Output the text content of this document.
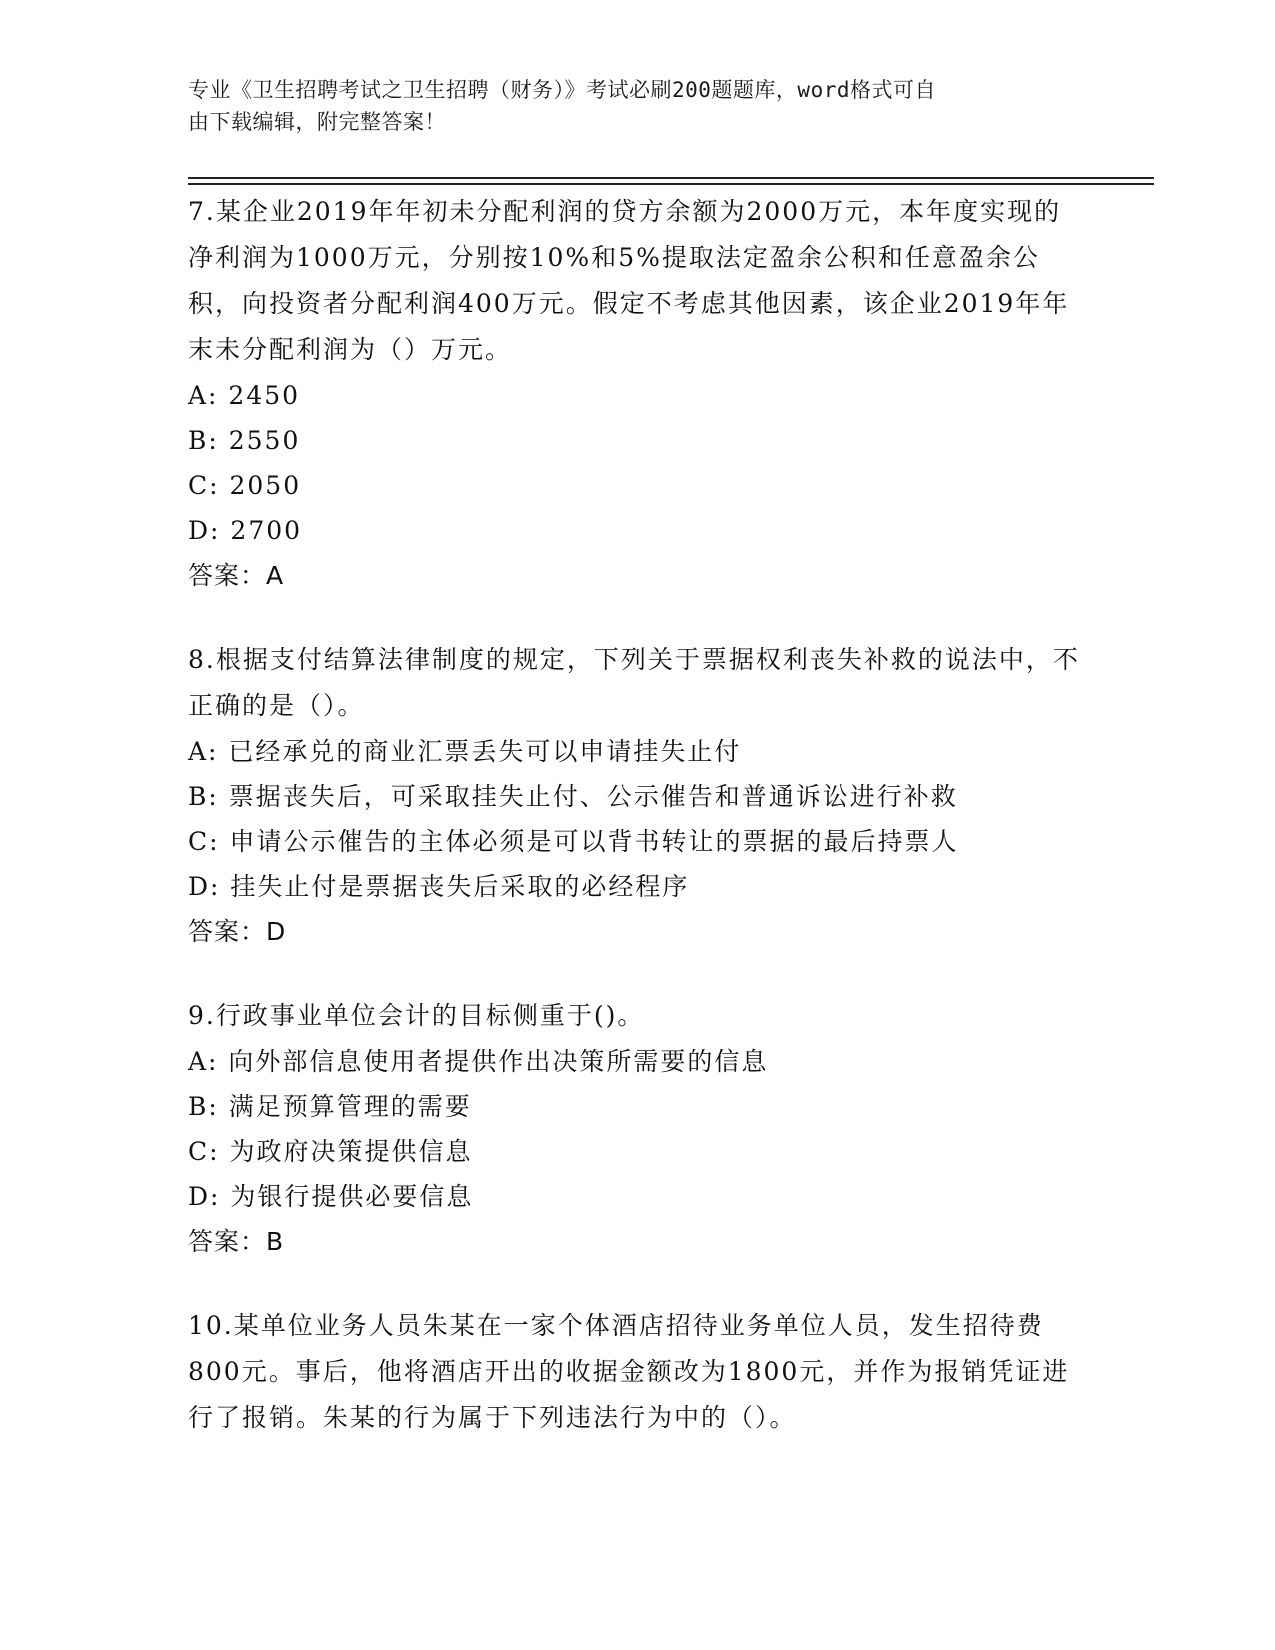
专业《卫生招聘考试之卫生招聘（财务）》考试必刷200题题库，word格式可自
由下载编辑，附完整答案！

7.某企业2019年年初未分配利润的贷方余额为2000万元，本年度实现的净利润为1000万元，分别按10%和5%提取法定盈余公积和任意盈余公积，向投资者分配利润400万元。假定不考虑其他因素，该企业2019年年末未分配利润为（）万元。

A: 2450

B: 2550

C: 2050

D: 2700

答案：A

8.根据支付结算法律制度的规定，下列关于票据权利丧失补救的说法中，不正确的是（）。

A: 已经承兑的商业汇票丢失可以申请挂失止付

B: 票据丧失后，可采取挂失止付、公示催告和普通诉讼进行补救

C: 申请公示催告的主体必须是可以背书转让的票据的最后持票人

D: 挂失止付是票据丧失后采取的必经程序

答案：D

9.行政事业单位会计的目标侧重于()。

A: 向外部信息使用者提供作出决策所需要的信息

B: 满足预算管理的需要

C: 为政府决策提供信息

D: 为银行提供必要信息

答案：B

10.某单位业务人员朱某在一家个体酒店招待业务单位人员，发生招待费800元。事后，他将酒店开出的收据金额改为1800元，并作为报销凭证进行了报销。朱某的行为属于下列违法行为中的（）。
